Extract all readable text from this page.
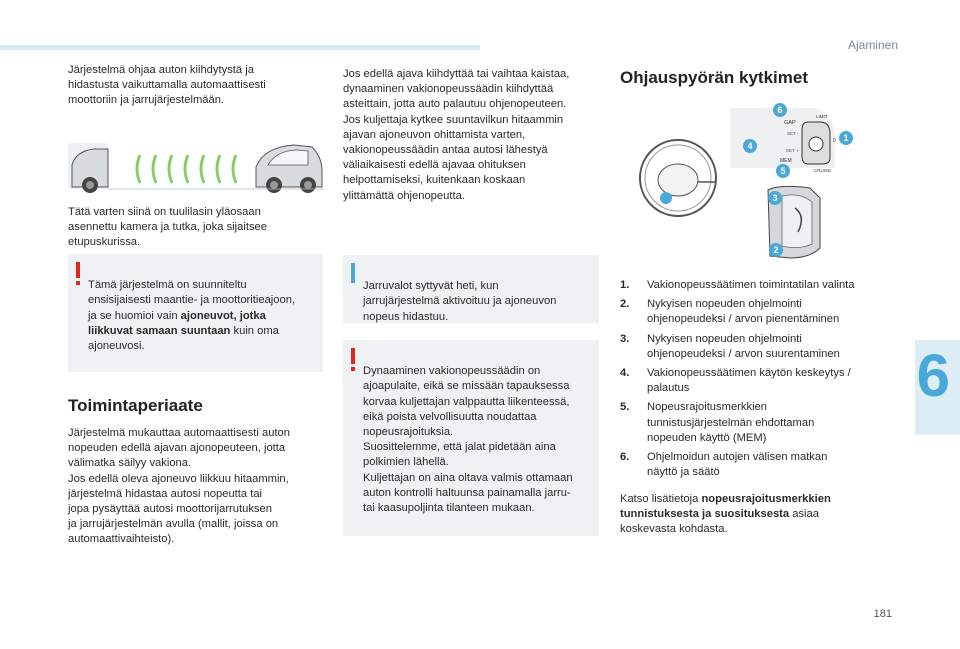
Ajaminen
6
181
Järjestelmä ohjaa auton kiihdytystä ja
hidastusta vaikuttamalla automaattisesti
moottoriin ja jarrujärjestelmään.
Tätä varten siinä on tuulilasin yläosaan
asennettu kamera ja tutka, joka sijaitsee
etupuskurissa.

Tämä järjestelmä on suunniteltu
ensisijaisesti maantie- ja moottoritieajoon,
ja se huomioi vain ajoneuvot, jotka
liikkuvat samaan suuntaan kuin oma
ajoneuvosi.

Toimintaperiaate
Järjestelmä mukauttaa automaattisesti auton
nopeuden edellä ajavan ajonopeuteen, jotta
välimatka säilyy vakiona.
Jos edellä oleva ajoneuvo liikkuu hitaammin,
järjestelmä hidastaa autosi nopeutta tai
jopa pysäyttää autosi moottorijarrutuksen
ja jarrujärjestelmän avulla (mallit, joissa on
automaattivaihteisto).
Jos edellä ajava kiihdyttää tai vaihtaa kaistaa,
dynaaminen vakionopeussäädin kiihdyttää
asteittain, jotta auto palautuu ohjenopeuteen.
Jos kuljettaja kytkee suuntavilkun hitaammin
ajavan ajoneuvon ohittamista varten,
vakionopeussäädin antaa autosi lähestyä
väliaikaisesti edellä ajavaa ohituksen
helpottamiseksi, kuitenkaan koskaan
ylittämättä ohjenopeutta.

Jarruvalot syttyvät heti, kun
jarrujärjestelmä aktivoituu ja ajoneuvon
nopeus hidastuu.

Dynaaminen vakionopeussäädin on
ajoapulaite, eikä se missään tapauksessa
korvaa kuljettajan valppautta liikenteessä,
eikä poista velvollisuutta noudattaa
nopeusrajoituksia.
Suosittelemme, että jalat pidetään aina
polkimien lähellä.
Kuljettajan on aina oltava valmis ottamaan
auton kontrolli haltuunsa painamalla jarru-
tai kaasupoljinta tilanteen mukaan.

Ohjauspyörän kytkimet
GAP
SET -
SET +
LIMIT
CRUISE
MEM
0
6
1
4
5
3
2
1.	Vakionopeussäätimen toimintatilan valinta
2.	Nykyisen nopeuden ohjelmointi
ohjenopeudeksi / arvon pienentäminen
3.	Nykyisen nopeuden ohjelmointi
ohjenopeudeksi / arvon suurentaminen
4.	Vakionopeussäätimen käytön keskeytys /
palautus
5.	Nopeusrajoitusmerkkien
tunnistusjärjestelmän ehdottaman
nopeuden käyttö (MEM)
6.	Ohjelmoidun autojen välisen matkan
näyttö ja säätö
Katso lisätietoja nopeusrajoitusmerkkien
tunnistuksesta ja suosituksesta asiaa
koskevasta kohdasta.
